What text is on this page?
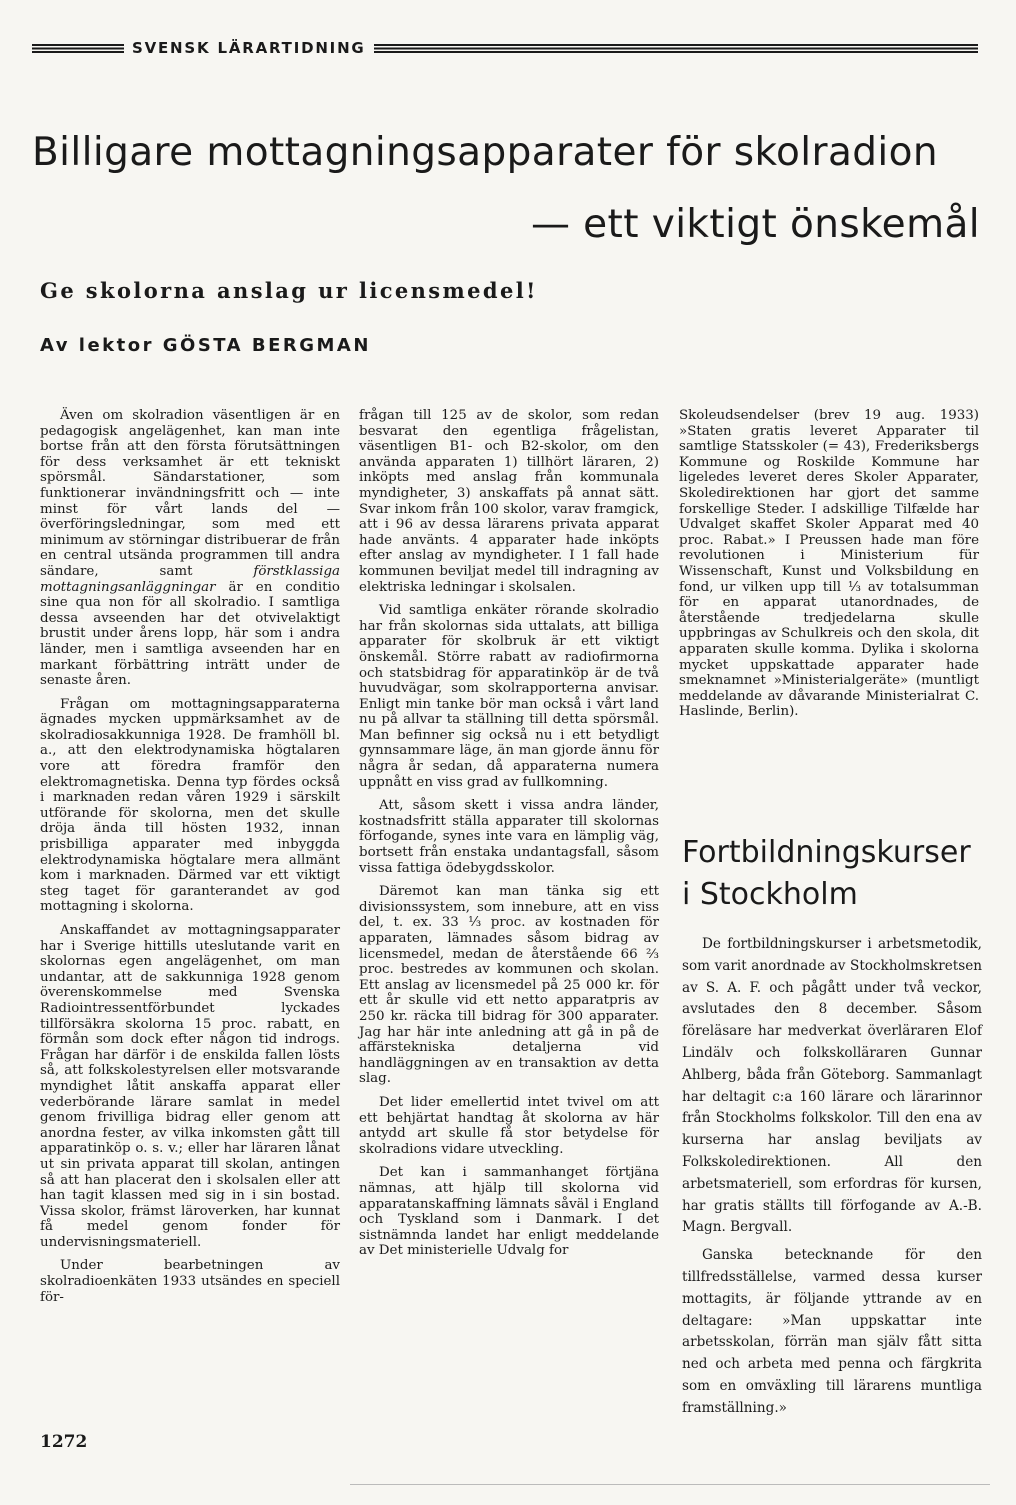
SVENSK LÄRARTIDNING
Billigare mottagningsapparater för skolradion
— ett viktigt önskemål
Ge skolorna anslag ur licensmedel!
Av lektor GÖSTA BERGMAN

Även om skolradion väsentligen är en pedagogisk angelägenhet, kan man inte bortse från att den första förutsättningen för dess verksamhet är ett tekniskt spörsmål. Sändarstationer, som funktionerar invändningsfritt och — inte minst för vårt lands del — överföringsledningar, som med ett minimum av störningar distribuerar de från en central utsända programmen till andra sändare, samt	förstklassiga mottagningsanläggningar är en conditio sine qua non för all skolradio. I samtliga dessa avseenden har det otvivelaktigt brustit under årens lopp, här som i andra länder, men i samtliga avseenden har en markant förbättring inträtt under de senaste åren.

Frågan om mottagningsapparaterna ägnades mycken uppmärksamhet av de skolradiosakkunniga 1928. De framhöll bl. a., att den elektrodynamiska högtalaren vore att föredra framför den elektromagnetiska. Denna typ fördes också i marknaden redan våren 1929 i särskilt utförande för skolorna, men det skulle dröja ända till hösten 1932, innan prisbilliga apparater med inbyggda elektrodynamiska högtalare mera allmänt kom i marknaden. Därmed var ett viktigt steg taget för garanterandet av god mottagning i skolorna.

Anskaffandet av mottagningsapparater har i Sverige hittills uteslutande varit en skolornas egen angelägenhet, om man undantar, att de sakkunniga 1928 genom överenskommelse med Svenska Radiointressentförbundet lyckades tillförsäkra skolorna 15 proc. rabatt, en förmån som dock efter någon tid indrogs. Frågan har därför i de enskilda fallen lösts så, att folkskolestyrelsen eller motsvarande myndighet låtit anskaffa apparat eller vederbörande lärare samlat in medel genom frivilliga bidrag eller genom att anordna fester, av vilka inkomsten gått till apparatinköp o. s. v.; eller har läraren lånat ut sin privata apparat till skolan, antingen så att han placerat den i skolsalen eller att han tagit klassen med sig in i sin bostad. Vissa skolor, främst läroverken, har kunnat få medel genom fonder för undervisningsmateriell.

Under bearbetningen av skolradioenkäten 1933 utsändes en speciell för-

frågan till 125 av de skolor, som redan besvarat den egentliga frågelistan, väsentligen B1- och B2-skolor, om den använda apparaten 1) tillhört läraren, 2) inköpts med anslag från kommunala myndigheter, 3) anskaffats på annat sätt. Svar inkom från 100 skolor, varav framgick, att i 96 av dessa lärarens privata apparat hade använts. 4 apparater hade inköpts efter anslag av myndigheter. I 1 fall hade kommunen beviljat medel till indragning av elektriska ledningar i skolsalen.

Vid samtliga enkäter rörande skolradio har från skolornas sida uttalats, att billiga apparater för skolbruk är ett viktigt önskemål. Större rabatt av radiofirmorna och statsbidrag för apparatinköp är de två huvudvägar, som skolrapporterna anvisar. Enligt min tanke bör man också i vårt land nu på allvar ta ställning till detta spörsmål. Man befinner sig också nu i ett betydligt gynnsammare läge, än man gjorde ännu för några år sedan, då apparaterna numera uppnått en viss grad av fullkomning.

Att, såsom skett i vissa andra länder, kostnadsfritt ställa apparater till skolornas förfogande, synes inte vara en lämplig väg, bortsett från enstaka undantagsfall, såsom vissa fattiga ödebygdsskolor.

Däremot kan man tänka sig ett divisionssystem, som innebure, att en viss del, t. ex. 33 ⅓ proc. av kostnaden för apparaten, lämnades såsom bidrag av licensmedel, medan de återstående 66 ⅔ proc. bestredes av kommunen och skolan. Ett anslag av licensmedel på 25 000 kr. för ett år skulle vid ett netto apparatpris av 250 kr. räcka till bidrag för 300 apparater. Jag har här inte anledning att gå in på de affärstekniska detaljerna vid handläggningen av en transaktion av detta slag.

Det lider emellertid intet tvivel om att ett behjärtat handtag åt skolorna av här antydd art skulle få stor betydelse för skolradions vidare utveckling.

Det kan i sammanhanget förtjäna nämnas, att hjälp till skolorna vid apparatanskaffning lämnats såväl i England och Tyskland som i Danmark. I det sistnämnda landet har enligt meddelande av Det ministerielle Udvalg for

Skoleudsendelser (brev 19 aug. 1933) »Staten gratis leveret Apparater til samtlige Statsskoler (= 43), Frederiksbergs Kommune og Roskilde Kommune har ligeledes leveret deres Skoler Apparater, Skoledirektionen har gjort det samme forskellige Steder. I adskillige Tilfælde har Udvalget skaffet Skoler Apparat med 40 proc. Rabat.» I Preussen hade man före revolutionen i Ministerium für Wissenschaft, Kunst und Volksbildung en fond, ur vilken upp till ⅓ av totalsumman för en apparat utanordnades, de återstående tredjedelarna skulle uppbringas av Schulkreis och den skola, dit apparaten skulle komma. Dylika i skolorna mycket uppskattade apparater hade smeknamnet »Ministerialgeräte» (muntligt meddelande av dåvarande Ministerialrat C. Haslinde, Berlin).

Fortbildningskurser
i Stockholm

De fortbildningskurser i arbetsmetodik, som varit anordnade av Stockholmskretsen av S. A. F. och pågått under två veckor, avslutades den 8 december. Såsom föreläsare har medverkat överläraren Elof Lindälv och folkskolläraren Gunnar Ahlberg, båda från Göteborg. Sammanlagt har deltagit c:a 160 lärare och lärarinnor från Stockholms folkskolor. Till den ena av kurserna har anslag beviljats av Folkskoledirektionen. All den arbetsmateriell, som erfordras för kursen, har gratis ställts till förfogande av A.-B. Magn. Bergvall.

Ganska betecknande för den tillfredsställelse, varmed dessa kurser mottagits, är följande yttrande av en deltagare: »Man uppskattar inte arbetsskolan, förrän man själv fått sitta ned och arbeta med penna och färgkrita som en omväxling till lärarens muntliga framställning.»

1272
